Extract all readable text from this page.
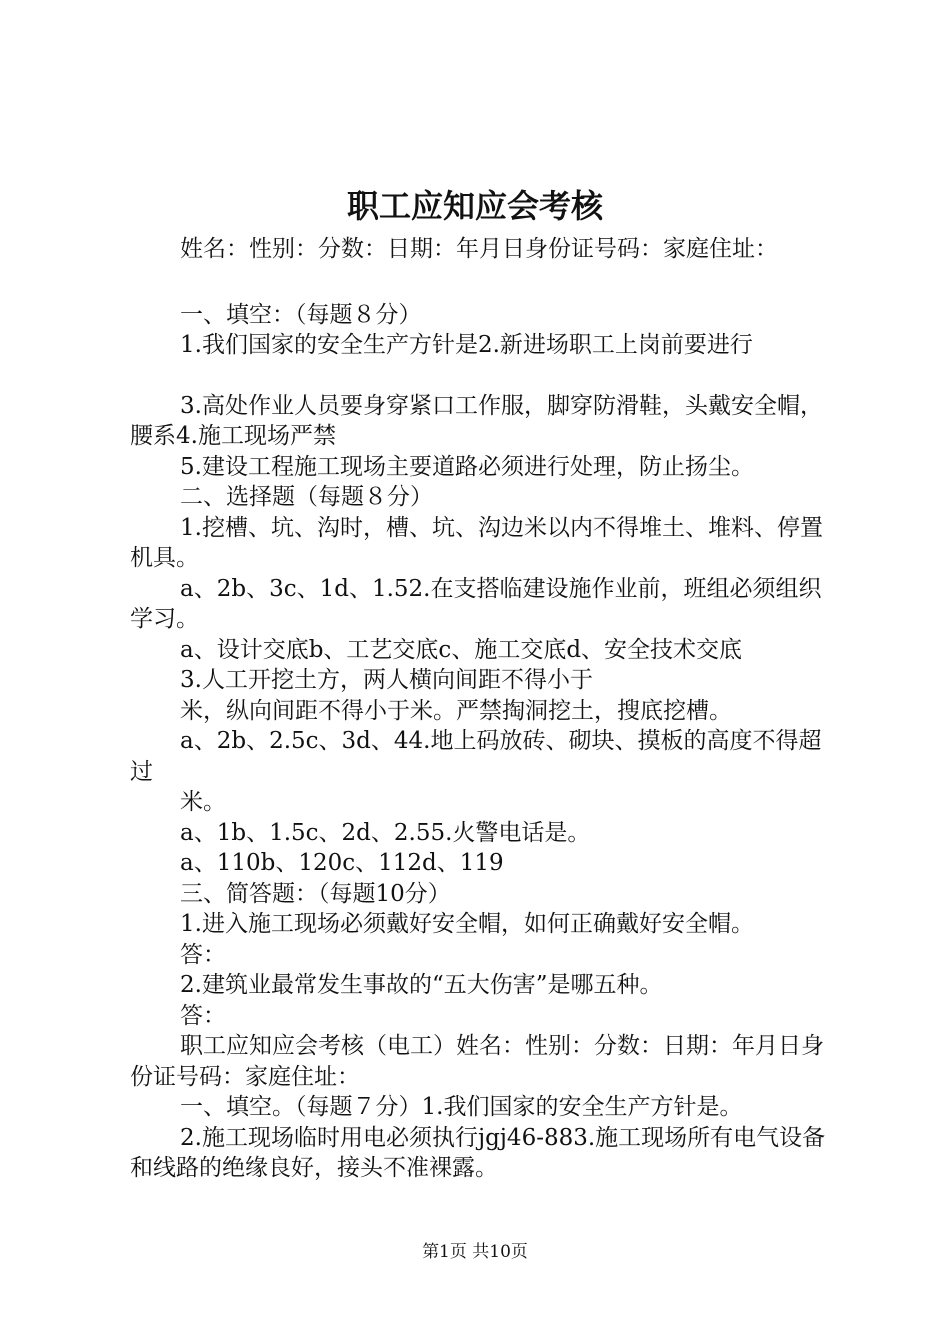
职工应知应会考核

姓名：性别：分数：日期：年月日身份证号码：家庭住址：

一、填空：（每题８分）

1.我们国家的安全生产方针是2.新进场职工上岗前要进行

3.高处作业人员要身穿紧口工作服，脚穿防滑鞋，头戴安全帽，腰系4.施工现场严禁

5.建设工程施工现场主要道路必须进行处理，防止扬尘。

二、选择题（每题８分）

1.挖槽、坑、沟时，槽、坑、沟边米以内不得堆土、堆料、停置机具。

a、2b、3c、1d、1.52.在支搭临建设施作业前，班组必须组织学习。

a、设计交底b、工艺交底c、施工交底d、安全技术交底

3.人工开挖土方，两人横向间距不得小于

米，纵向间距不得小于米。严禁掏洞挖土，搜底挖槽。

a、2b、2.5c、3d、44.地上码放砖、砌块、摸板的高度不得超过

米。

a、1b、1.5c、2d、2.55.火警电话是。

a、110b、120c、112d、119

三、简答题：（每题10分）

1.进入施工现场必须戴好安全帽，如何正确戴好安全帽。

答：

2.建筑业最常发生事故的“五大伤害”是哪五种。

答：

职工应知应会考核（电工）姓名：性别：分数：日期：年月日身份证号码：家庭住址：

一、填空。（每题７分）1.我们国家的安全生产方针是。

2.施工现场临时用电必须执行jgj46-883.施工现场所有电气设备和线路的绝缘良好，接头不准裸露。

第1页 共10页
